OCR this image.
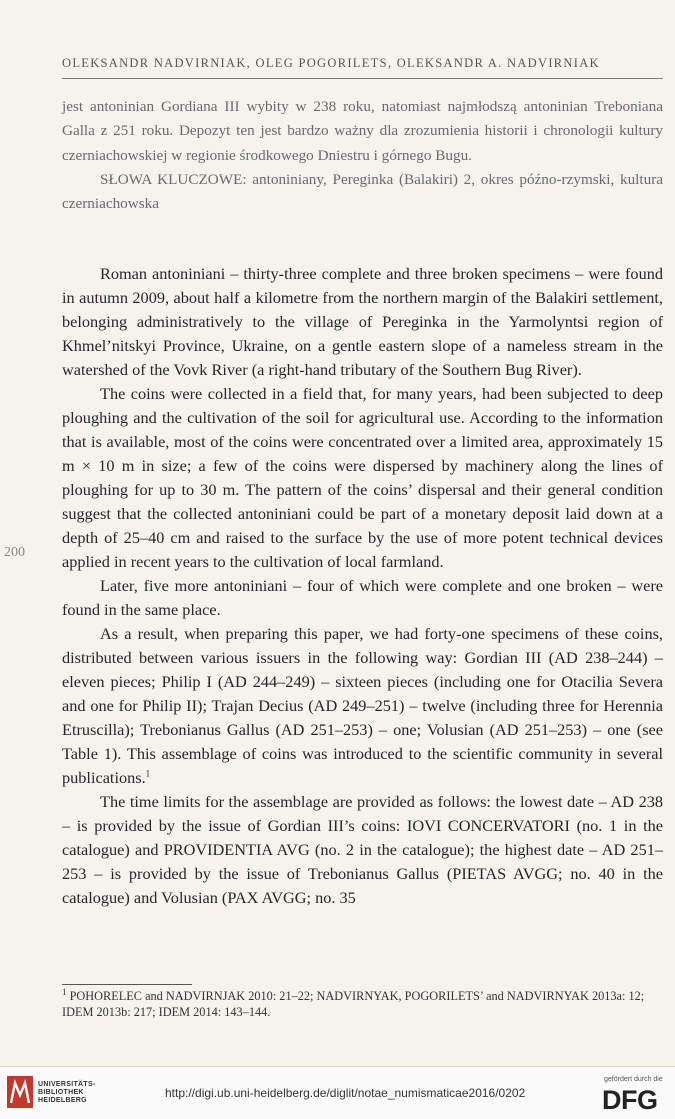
OLEKSANDR NADVIRNIAK, OLEG POGORILETS, OLEKSANDR A. NADVIRNIAK

jest antoninian Gordiana III wybity w 238 roku, natomiast najmłodszą antoninian Treboniana Galla z 251 roku. Depozyt ten jest bardzo ważny dla zrozumienia historii i chronologii kultury czerniachowskiej w regionie środkowego Dniestru i górnego Bugu.

SŁOWA KLUCZOWE: antoniniany, Pereginka (Balakiri) 2, okres późno-rzymski, kultura czerniachowska

Roman antoniniani – thirty-three complete and three broken specimens – were found in autumn 2009, about half a kilometre from the northern margin of the Balakiri settlement, belonging administratively to the village of Pereginka in the Yarmolyntsi region of Khmel’nitskyi Province, Ukraine, on a gentle eastern slope of a nameless stream in the watershed of the Vovk River (a right-hand tributary of the Southern Bug River).

The coins were collected in a field that, for many years, had been subjected to deep ploughing and the cultivation of the soil for agricultural use. According to the information that is available, most of the coins were concentrated over a limited area, approximately 15 m × 10 m in size; a few of the coins were dispersed by machinery along the lines of ploughing for up to 30 m. The pattern of the coins’ dispersal and their general condition suggest that the collected antoniniani could be part of a monetary deposit laid down at a depth of 25–40 cm and raised to the surface by the use of more potent technical devices applied in recent years to the cultivation of local farmland.

Later, five more antoniniani – four of which were complete and one broken – were found in the same place.

As a result, when preparing this paper, we had forty-one specimens of these coins, distributed between various issuers in the following way: Gordian III (AD 238–244) – eleven pieces; Philip I (AD 244–249) – sixteen pieces (including one for Otacilia Severa and one for Philip II); Trajan Decius (AD 249–251) – twelve (including three for Herennia Etruscilla); Trebonianus Gallus (AD 251–253) – one; Volusian (AD 251–253) – one (see Table 1). This assemblage of coins was introduced to the scientific community in several publications.$^1$

The time limits for the assemblage are provided as follows: the lowest date – AD 238 – is provided by the issue of Gordian III’s coins: IOVI CONCERVATORI (no. 1 in the catalogue) and PROVIDENTIA AVG (no. 2 in the catalogue); the highest date – AD 251–253 – is provided by the issue of Trebonianus Gallus (PIETAS AVGG; no. 40 in the catalogue) and Volusian (PAX AVGG; no. 35

200
$^1$ POHORELEC and NADVIRNJAK 2010: 21–22; NADVIRNYAK, POGORILETS’ and NADVIRNYAK 2013a: 12; IDEM 2013b: 217; IDEM 2014: 143–144.
UNIVERSITÄTS-
BIBLIOTHEK
HEIDELBERG
http://digi.ub.uni-heidelberg.de/diglit/notae_numismaticae2016/0202
gefördert durch die
DFG
